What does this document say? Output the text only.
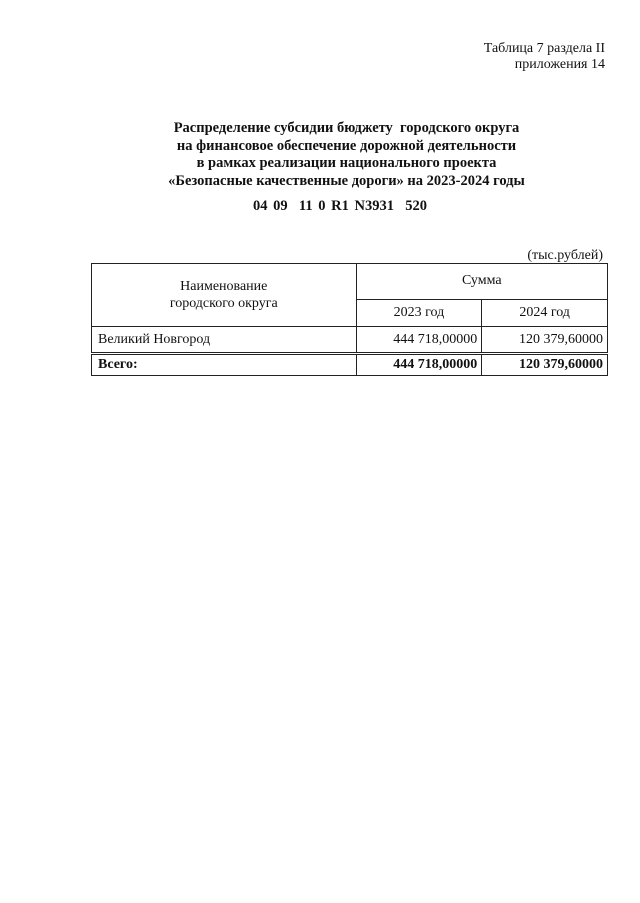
Таблица 7 раздела II
приложения 14
Распределение субсидии бюджету  городского округа
на финансовое обеспечение дорожной деятельности
в рамках реализации национального проекта
«Безопасные качественные дороги» на 2023-2024 годы
04 09  11 0 R1 N3931  520
(тыс.рублей)
Наименование
городского округа	Сумма	
	2023 год	2024 год
Великий Новгород	444 718,00000	120 379,60000
Всего:	444 718,00000	120 379,60000
